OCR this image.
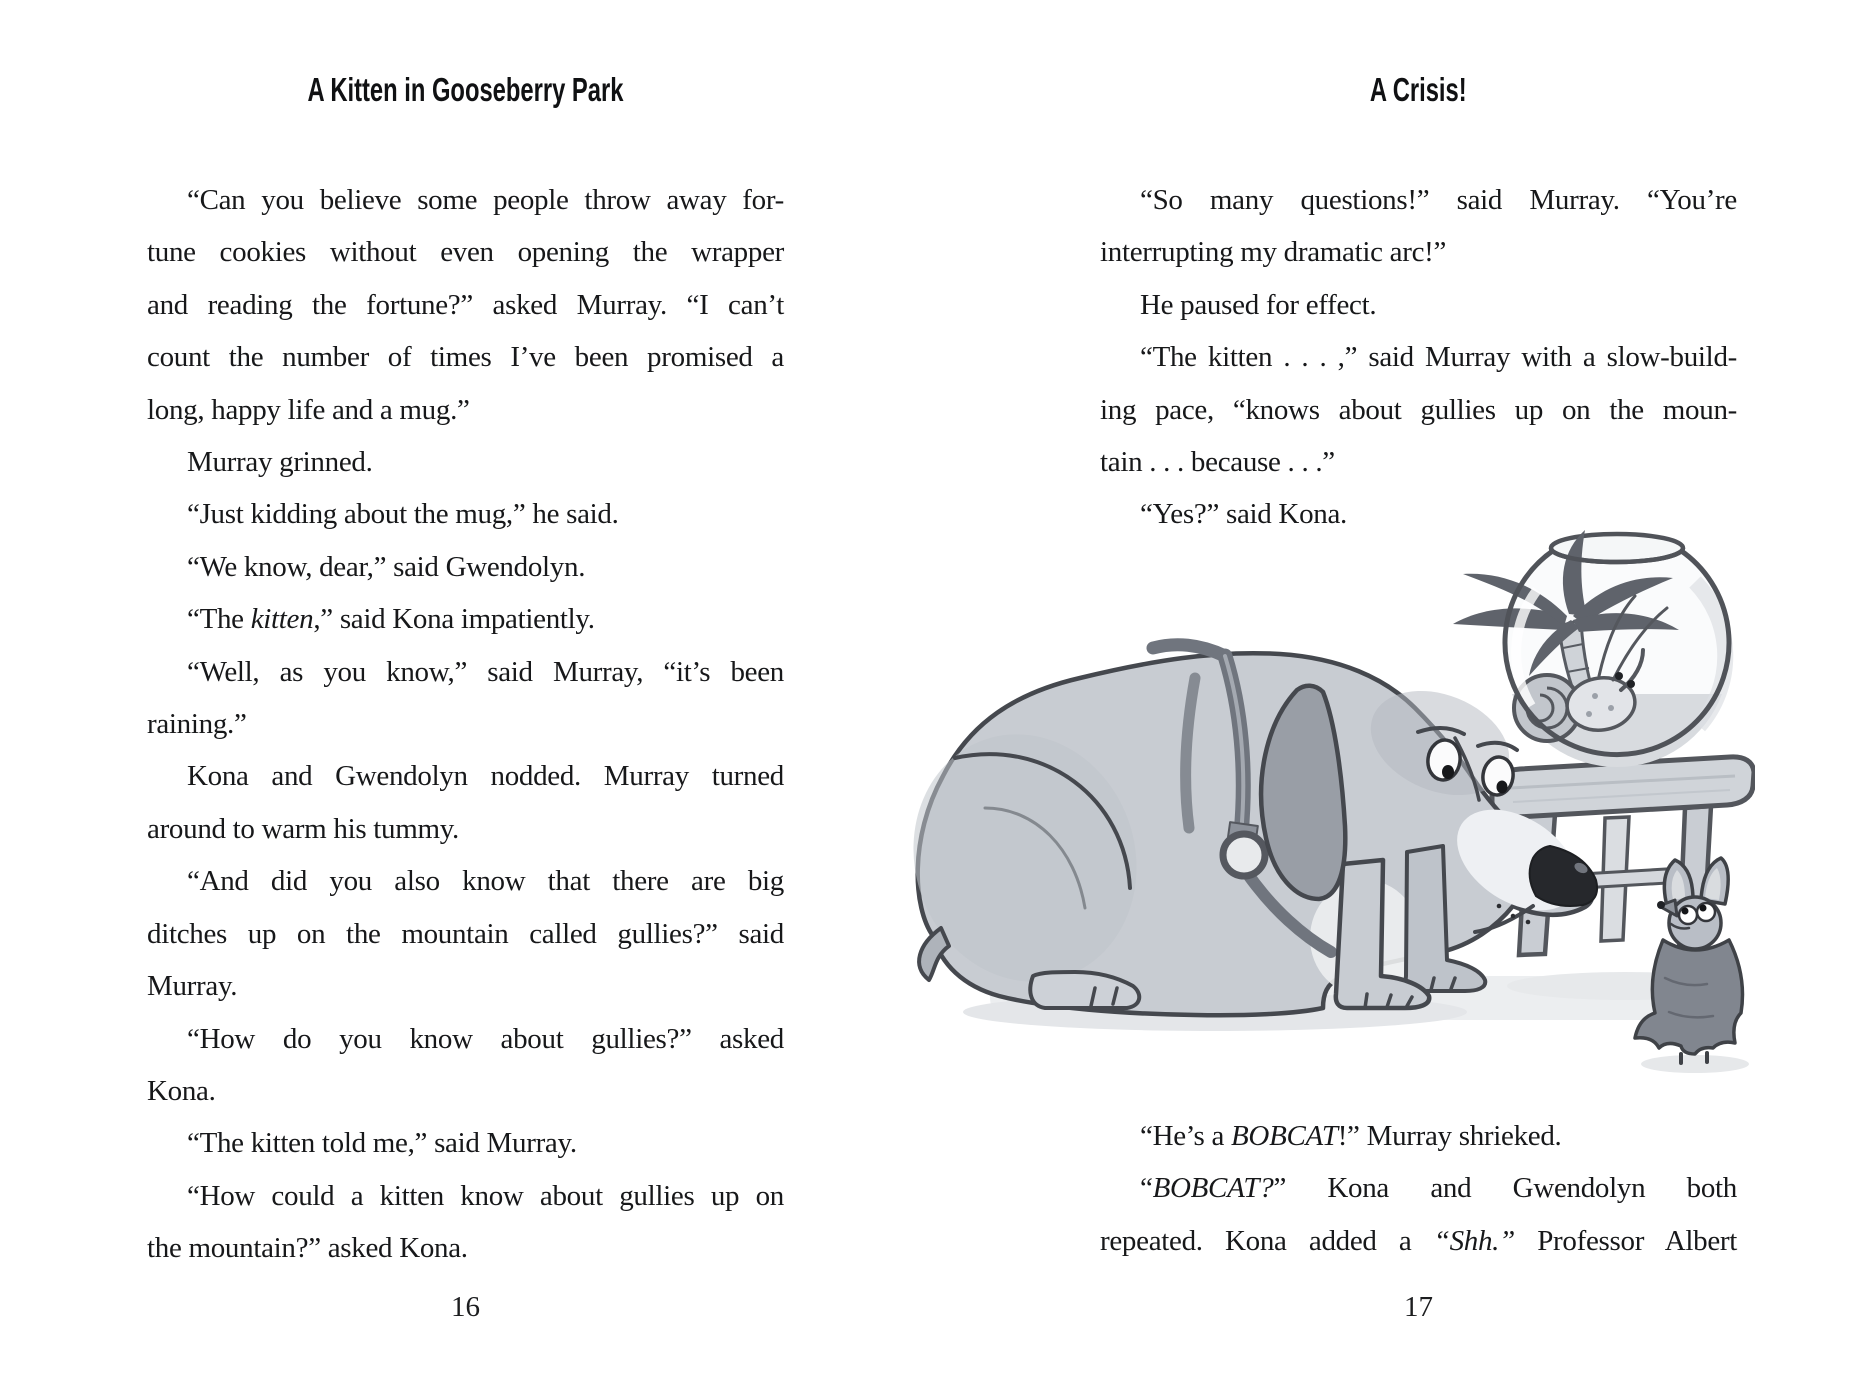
A Kitten in Gooseberry Park
“Can you believe some people throw away for-
tune cookies without even opening the wrapper
and reading the fortune?” asked Murray. “I can’t
count the number of times I’ve been promised a
long, happy life and a mug.”
Murray grinned.
“Just kidding about the mug,” he said.
“We know, dear,” said Gwendolyn.
“The kitten,” said Kona impatiently.
“Well, as you know,” said Murray, “it’s been
raining.”
Kona and Gwendolyn nodded. Murray turned
around to warm his tummy.
“And did you also know that there are big
ditches up on the mountain called gullies?” said
Murray.
“How do you know about gullies?” asked
Kona.
“The kitten told me,” said Murray.
“How could a kitten know about gullies up on
the mountain?” asked Kona.
16
A Crisis!
“So many questions!” said Murray. “You’re
interrupting my dramatic arc!”
He paused for effect.
“The kitten . . . ,” said Murray with a slow-build-
ing pace, “knows about gullies up on the moun-
tain . . . because . . .”
“Yes?” said Kona.
“He’s a BOBCAT!” Murray shrieked.
“BOBCAT?” Kona and Gwendolyn both
repeated. Kona added a “Shh.” Professor Albert
17
